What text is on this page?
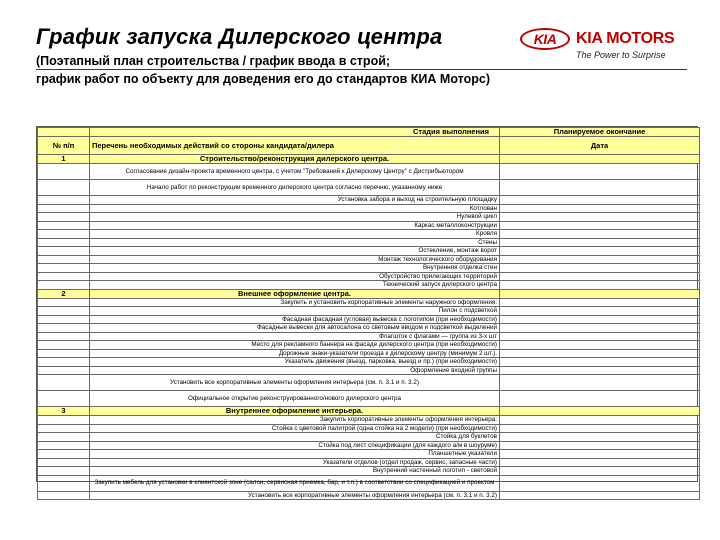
График запуска Дилерского центра
(Поэтапный план строительства / график ввода в строй;
график работ по объекту для доведения его до стандартов КИА Моторс)
KIA KIA MOTORS
The Power to Surprise
	Стадия выполнения	Планируемое окончание
№ п/п	Перечень необходимых действий со стороны кандидата/дилера	Дата
1	Строительство/реконструкция дилерского центра.	
	Согласование дизайн-проекта временного центра, с учетом "Требований к Дилерскому Центру" с Дистрибьютором	
	Начало работ по реконструкции временного дилерского центра согласно перечню, указанному ниже	
	Установка забора и выход на строительную площадку	
	Котлован	
	Нулевой цикл	
	Каркас металлоконструкции	
	Кровля	
	Стены	
	Остекление, монтаж ворот	
	Монтаж технологического оборудования	
	Внутренняя отделка стен	
	Обустройство прилегающих территорий	
	Технический запуск дилерского центра	
2	Внешнее оформление центра.	
	Закупить и установить корпоративные элементы наружного оформления:	
	Пилон с подсветкой	
	Фасадная фасадная (угловая) вывеска с логотипом (при необходимости)	
	Фасадные вывески для автосалона со световым вводом и подсветкой выделений	
	Флагшток с флагами — группа из 3-х шт	
	Место для рекламного баннера на фасаде дилерского центра (при необходимости)	
	Дорожные знаки-указатели проезда к дилерскому центру (минимум 2 шт.).	
	Указатель движения (въезд, парковка, выезд и пр.) (при необходимости)	
	Оформление входной группы	
	Установить все корпоративные элементы оформления интерьера (см. п. 3.1 и п. 3.2)	
	Официальное открытие реконструированного/нового дилерского центра	
3	Внутреннее оформление интерьера.	
	Закупить корпоративные элементы оформления интерьера:	
	Стойка с цветовой палитрой (одна стойка на 2 модели) (при необходимости)	
	Стойка для буклетов	
	Стойка под лист спецификации (для каждого а/м в шоуруме)	
	Планшетные указатели	
	Указатели отделов (отдел продаж, сервис, запасные части)	
	Внутренний настенный логотип - световой	
	Закупить мебель для установки в клиентской зоне (салон, сервисная приемка, бар, и т.п.) в соответствии со спецификацией и проектом	
	Установить все корпоративные элементы оформления интерьера (см. п. 3.1 и п. 3.2)	
